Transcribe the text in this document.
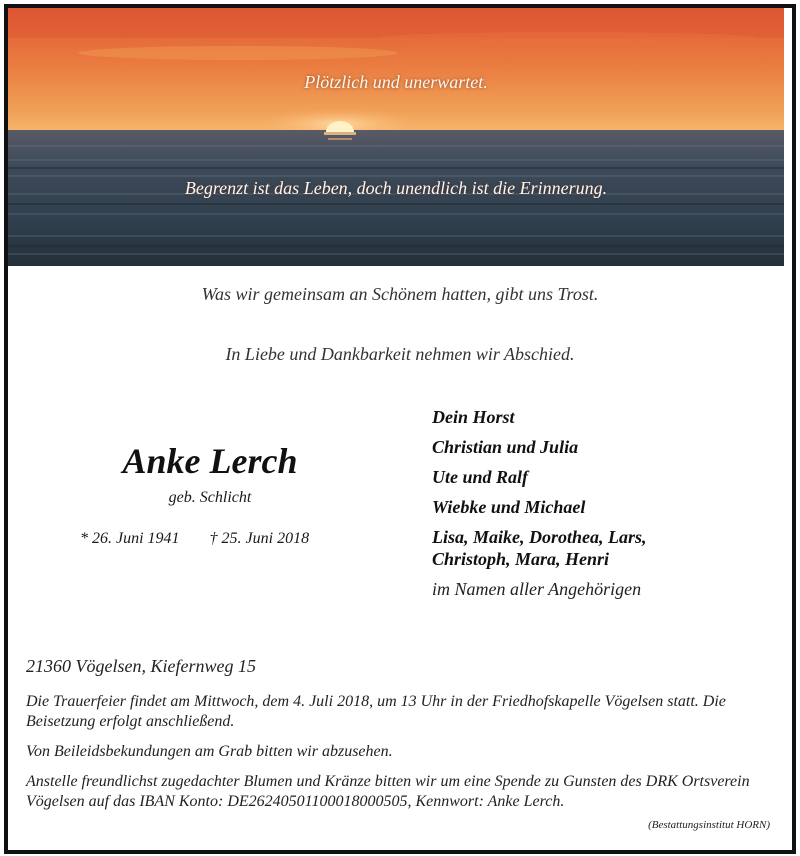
Plötzlich und unerwartet.
Begrenzt ist das Leben, doch unendlich ist die Erinnerung.
Was wir gemeinsam an Schönem hatten, gibt uns Trost.
In Liebe und Dankbarkeit nehmen wir Abschied.
Anke Lerch
geb. Schlicht
* 26. Juni 1941 † 25. Juni 2018
Dein Horst
Christian und Julia
Ute und Ralf
Wiebke und Michael
Lisa, Maike, Dorothea, Lars, Christoph, Mara, Henri
im Namen aller Angehörigen
21360 Vögelsen, Kiefernweg 15
Die Trauerfeier findet am Mittwoch, dem 4. Juli 2018, um 13 Uhr in der Friedhofskapelle Vögelsen statt. Die Beisetzung erfolgt anschließend.
Von Beileidsbekundungen am Grab bitten wir abzusehen.
Anstelle freundlichst zugedachter Blumen und Kränze bitten wir um eine Spende zu Gunsten des DRK Ortsverein Vögelsen auf das IBAN Konto: DE26240501100018000505, Kennwort: Anke Lerch.
(Bestattungsinstitut HORN)
